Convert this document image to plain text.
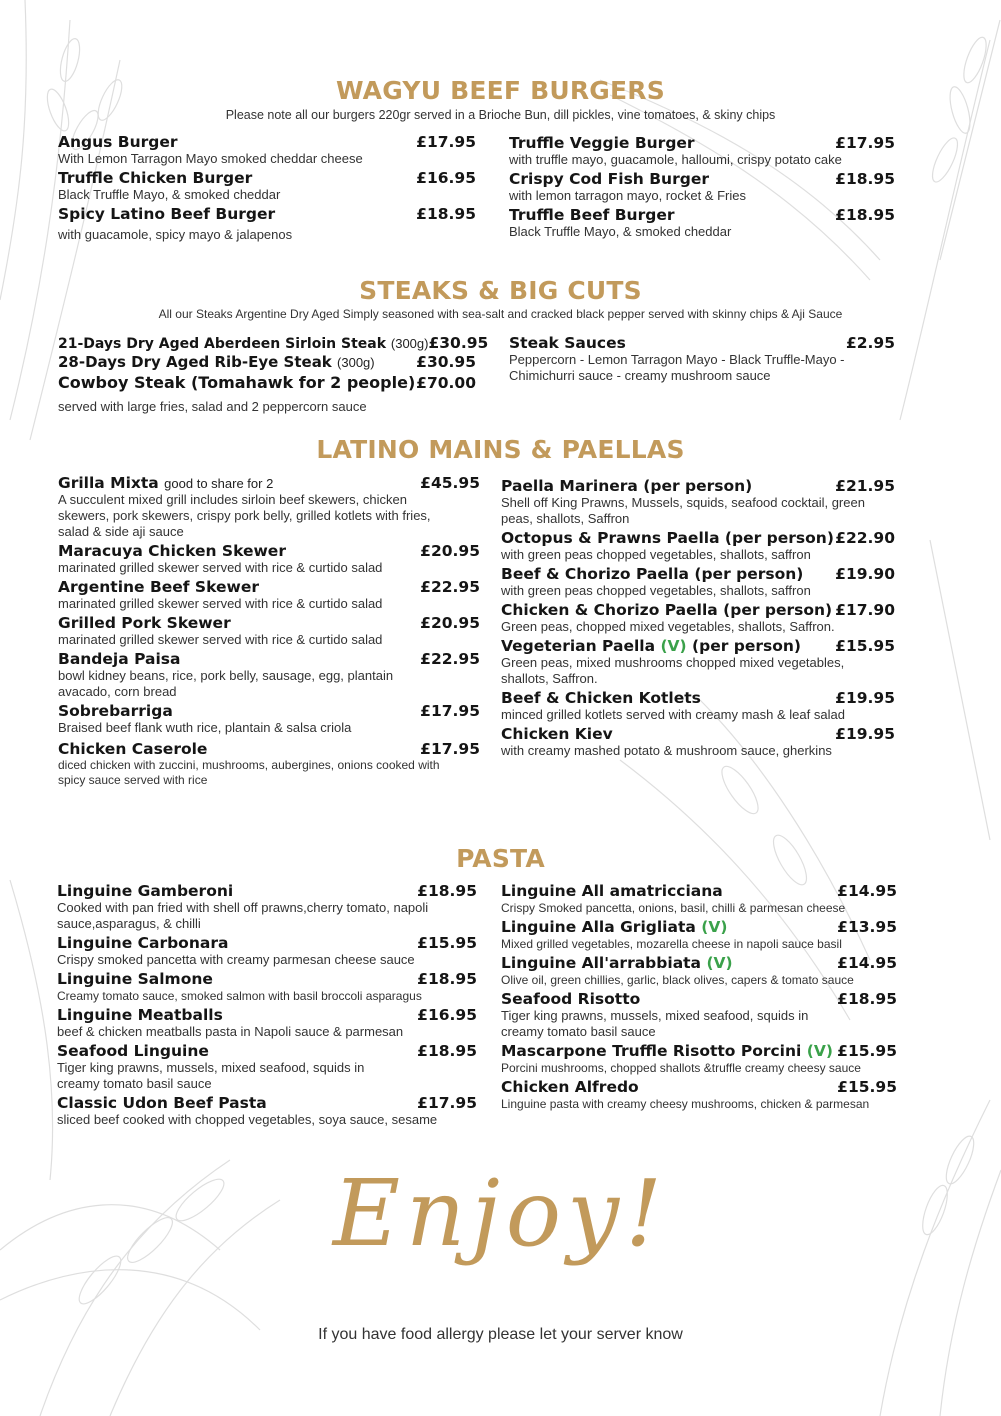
WAGYU BEEF BURGERS
Please note all our burgers 220gr served in a Brioche Bun, dill pickles, vine tomatoes, & skiny chips
Angus Burger	£17.95
With Lemon Tarragon Mayo smoked cheddar cheese
Truffle Chicken Burger	£16.95
Black Truffle Mayo, & smoked cheddar
Spicy Latino Beef Burger	£18.95
with guacamole, spicy mayo & jalapenos
Truffle Veggie Burger	£17.95
with truffle mayo, guacamole, halloumi, crispy potato cake
Crispy Cod Fish Burger	£18.95
with lemon tarragon mayo, rocket & Fries
Truffle Beef Burger	£18.95
Black Truffle Mayo, & smoked cheddar
STEAKS & BIG CUTS
All our Steaks Argentine Dry Aged Simply seasoned with sea-salt and cracked black pepper served with skinny chips & Aji Sauce
21-Days Dry Aged Aberdeen Sirloin Steak (300g) £30.95
28-Days Dry Aged Rib-Eye Steak (300g)	£30.95
Cowboy Steak (Tomahawk for 2 people) £70.00
served with large fries, salad and 2 peppercorn sauce
Steak Sauces	£2.95
Peppercorn - Lemon Tarragon Mayo - Black Truffle-Mayo -Chimichurri sauce - creamy mushroom sauce
LATINO MAINS & PAELLAS
Grilla Mixta good to share for 2	£45.95
A succulent mixed grill includes sirloin beef skewers, chicken skewers, pork skewers, crispy pork belly, grilled kotlets with fries, salad & side aji sauce
Maracuya Chicken Skewer	£20.95
marinated grilled skewer served with rice & curtido salad
Argentine Beef Skewer	£22.95
marinated grilled skewer served with rice & curtido salad
Grilled Pork Skewer	£20.95
marinated grilled skewer served with rice & curtido salad
Bandeja Paisa	£22.95
bowl kidney beans, rice, pork belly, sausage, egg, plantain avacado, corn bread
Sobrebarriga	£17.95
Braised beef flank wuth rice, plantain & salsa criola
Chicken Caserole	£17.95
diced chicken with zuccini, mushrooms, aubergines, onions cooked with spicy sauce served with rice
Paella Marinera (per person)	£21.95
Shell off King Prawns, Mussels, squids, seafood cocktail, green peas, shallots, Saffron
Octopus & Prawns Paella (per person) £22.90
with green peas chopped vegetables, shallots, saffron
Beef & Chorizo Paella (per person) £19.90
with green peas chopped vegetables, shallots, saffron
Chicken & Chorizo Paella (per person) £17.90
Green peas, chopped mixed vegetables, shallots, Saffron.
Vegeterian Paella (V) (per person) £15.95
Green peas, mixed mushrooms chopped mixed vegetables, shallots, Saffron.
Beef & Chicken Kotlets	£19.95
minced grilled kotlets served with creamy mash & leaf salad
Chicken Kiev	£19.95
with creamy mashed potato & mushroom sauce, gherkins
PASTA
Linguine Gamberoni	£18.95
Cooked with pan fried with shell off prawns,cherry tomato, napoli sauce,asparagus, & chilli
Linguine Carbonara	£15.95
Crispy smoked pancetta with creamy parmesan cheese sauce
Linguine Salmone	£18.95
Creamy tomato sauce, smoked salmon with basil broccoli asparagus
Linguine Meatballs	£16.95
beef & chicken meatballs pasta in Napoli sauce & parmesan
Seafood Linguine	£18.95
Tiger king prawns, mussels, mixed seafood, squids in creamy tomato basil sauce
Classic Udon Beef Pasta	£17.95
sliced beef cooked with chopped vegetables, soya sauce, sesame
Linguine All amatricciana	£14.95
Crispy Smoked pancetta, onions, basil, chilli & parmesan cheese
Linguine Alla Grigliata (V)	£13.95
Mixed grilled vegetables, mozarella cheese in napoli sauce basil
Linguine All'arrabbiata (V)	£14.95
Olive oil, green chillies, garlic, black olives, capers & tomato sauce
Seafood Risotto	£18.95
Tiger king prawns, mussels, mixed seafood, squids in creamy tomato basil sauce
Mascarpone Truffle Risotto Porcini (V) £15.95
Porcini mushrooms, chopped shallots &truffle creamy cheesy sauce
Chicken Alfredo	£15.95
Linguine pasta with creamy cheesy mushrooms, chicken & parmesan
Enjoy!
If you have food allergy please let your server know
